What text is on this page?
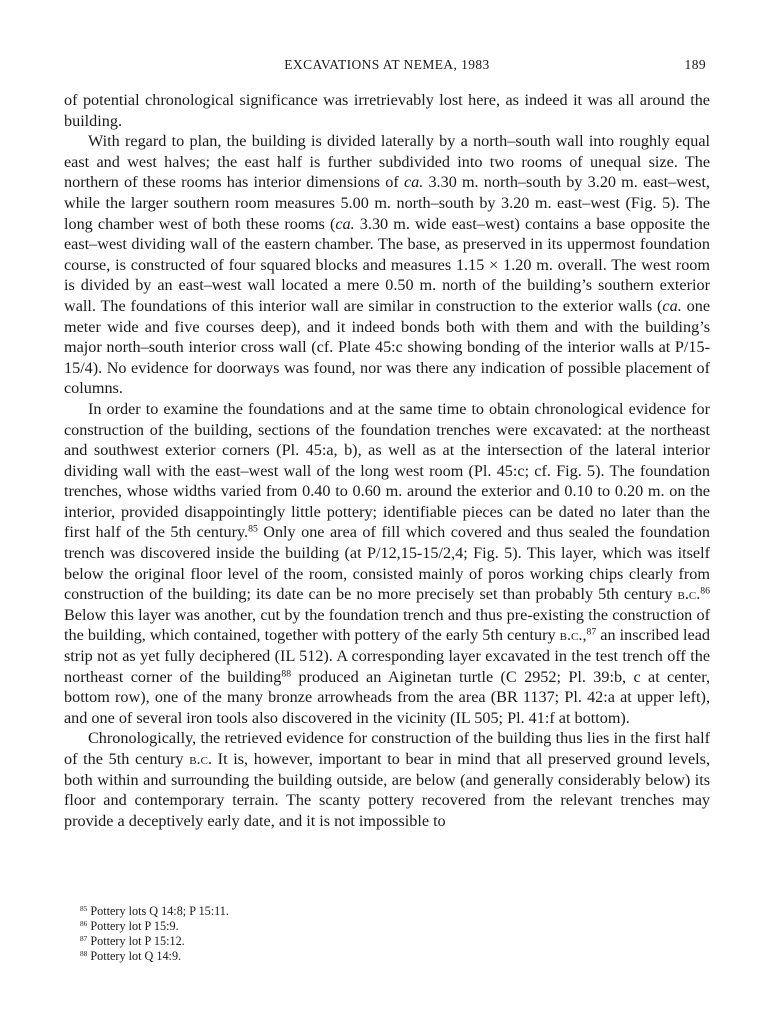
EXCAVATIONS AT NEMEA, 1983	189

of potential chronological significance was irretrievably lost here, as indeed it was all around the building.

With regard to plan, the building is divided laterally by a north–south wall into roughly equal east and west halves; the east half is further subdivided into two rooms of unequal size. The northern of these rooms has interior dimensions of ca. 3.30 m. north–south by 3.20 m. east–west, while the larger southern room measures 5.00 m. north–south by 3.20 m. east–west (Fig. 5). The long chamber west of both these rooms (ca. 3.30 m. wide east–west) contains a base opposite the east–west dividing wall of the eastern chamber. The base, as preserved in its uppermost foundation course, is constructed of four squared blocks and measures 1.15 × 1.20 m. overall. The west room is divided by an east–west wall located a mere 0.50 m. north of the building’s southern exterior wall. The foundations of this interior wall are similar in construction to the exterior walls (ca. one meter wide and five courses deep), and it indeed bonds both with them and with the building’s major north–south interior cross wall (cf. Plate 45:c showing bonding of the interior walls at P/15-15/4). No evidence for doorways was found, nor was there any indication of possible placement of columns.

In order to examine the foundations and at the same time to obtain chronological evidence for construction of the building, sections of the foundation trenches were excavated: at the northeast and southwest exterior corners (Pl. 45:a, b), as well as at the intersection of the lateral interior dividing wall with the east–west wall of the long west room (Pl. 45:c; cf. Fig. 5). The foundation trenches, whose widths varied from 0.40 to 0.60 m. around the exterior and 0.10 to 0.20 m. on the interior, provided disappointingly little pottery; identifiable pieces can be dated no later than the first half of the 5th century.$^{85}$ Only one area of fill which covered and thus sealed the foundation trench was discovered inside the building (at P/12,15-15/2,4; Fig. 5). This layer, which was itself below the original floor level of the room, consisted mainly of poros working chips clearly from construction of the building; its date can be no more precisely set than probably 5th century b.c.$^{86}$ Below this layer was another, cut by the foundation trench and thus pre-existing the construction of the building, which contained, together with pottery of the early 5th century b.c.,$^{87}$ an inscribed lead strip not as yet fully deciphered (IL 512). A corresponding layer excavated in the test trench off the northeast corner of the building$^{88}$ produced an Aiginetan turtle (C 2952; Pl. 39:b, c at center, bottom row), one of the many bronze arrowheads from the area (BR 1137; Pl. 42:a at upper left), and one of several iron tools also discovered in the vicinity (IL 505; Pl. 41:f at bottom).

Chronologically, the retrieved evidence for construction of the building thus lies in the first half of the 5th century b.c. It is, however, important to bear in mind that all preserved ground levels, both within and surrounding the building outside, are below (and generally considerably below) its floor and contemporary terrain. The scanty pottery recovered from the relevant trenches may provide a deceptively early date, and it is not impossible to

$^{85}$ Pottery lots Q 14:8; P 15:11.

$^{86}$ Pottery lot P 15:9.

$^{87}$ Pottery lot P 15:12.

$^{88}$ Pottery lot Q 14:9.
